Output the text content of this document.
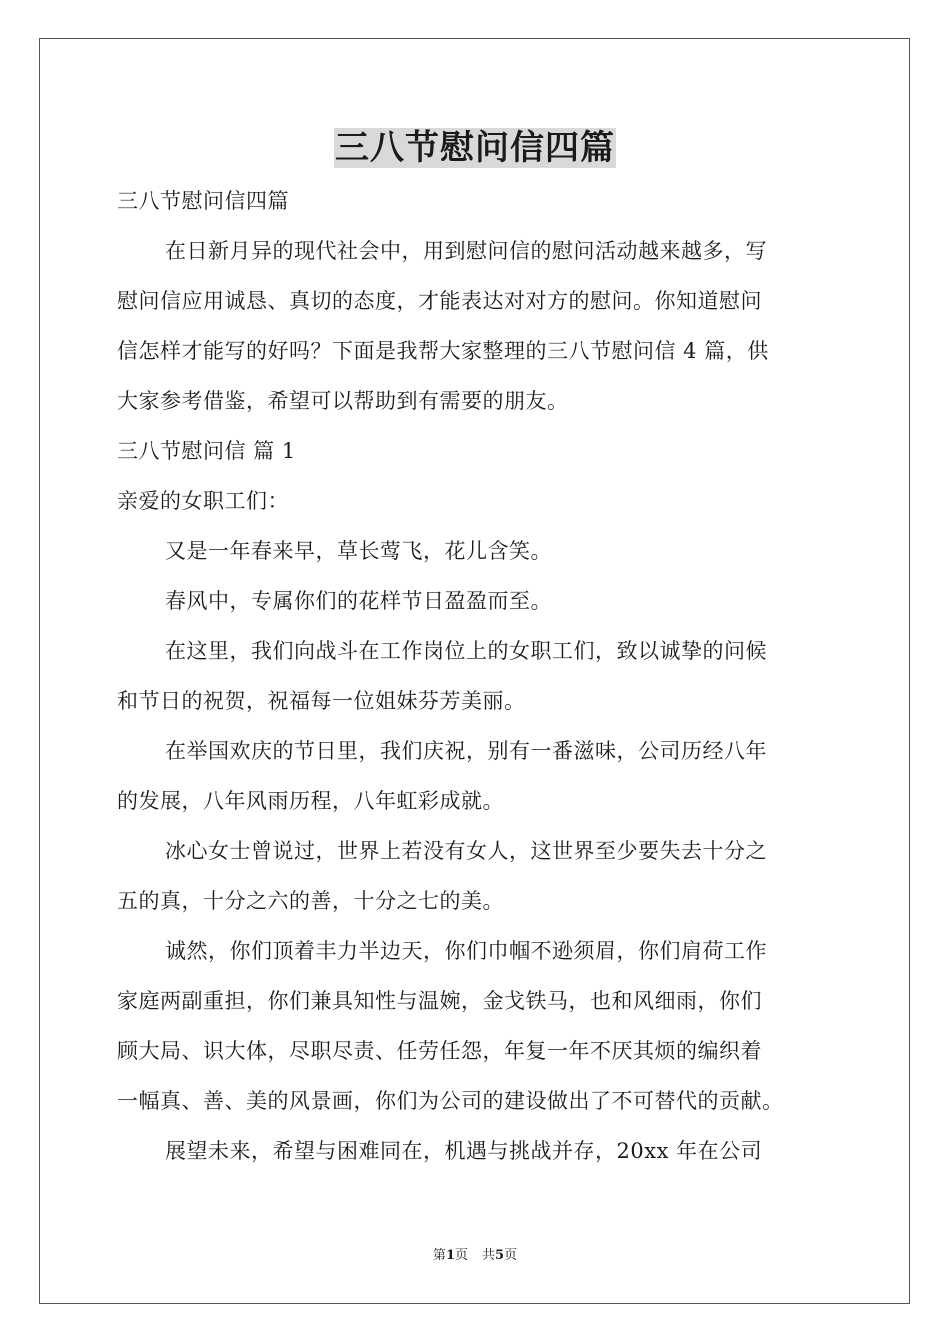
三八节慰问信四篇
三八节慰问信四篇
在日新月异的现代社会中，用到慰问信的慰问活动越来越多，写
慰问信应用诚恳、真切的态度，才能表达对对方的慰问。你知道慰问
信怎样才能写的好吗？下面是我帮大家整理的三八节慰问信 4 篇，供
大家参考借鉴，希望可以帮助到有需要的朋友。
三八节慰问信 篇 1
亲爱的女职工们：
又是一年春来早，草长莺飞，花儿含笑。
春风中，专属你们的花样节日盈盈而至。
在这里，我们向战斗在工作岗位上的女职工们，致以诚挚的问候
和节日的祝贺，祝福每一位姐妹芬芳美丽。
在举国欢庆的节日里，我们庆祝，别有一番滋味，公司历经八年
的发展，八年风雨历程，八年虹彩成就。
冰心女士曾说过，世界上若没有女人，这世界至少要失去十分之
五的真，十分之六的善，十分之七的美。
诚然，你们顶着丰力半边天，你们巾帼不逊须眉，你们肩荷工作
家庭两副重担，你们兼具知性与温婉，金戈铁马，也和风细雨，你们
顾大局、识大体，尽职尽责、任劳任怨，年复一年不厌其烦的编织着
一幅真、善、美的风景画，你们为公司的建设做出了不可替代的贡献。
展望未来，希望与困难同在，机遇与挑战并存，20xx 年在公司
第1页 共5页
